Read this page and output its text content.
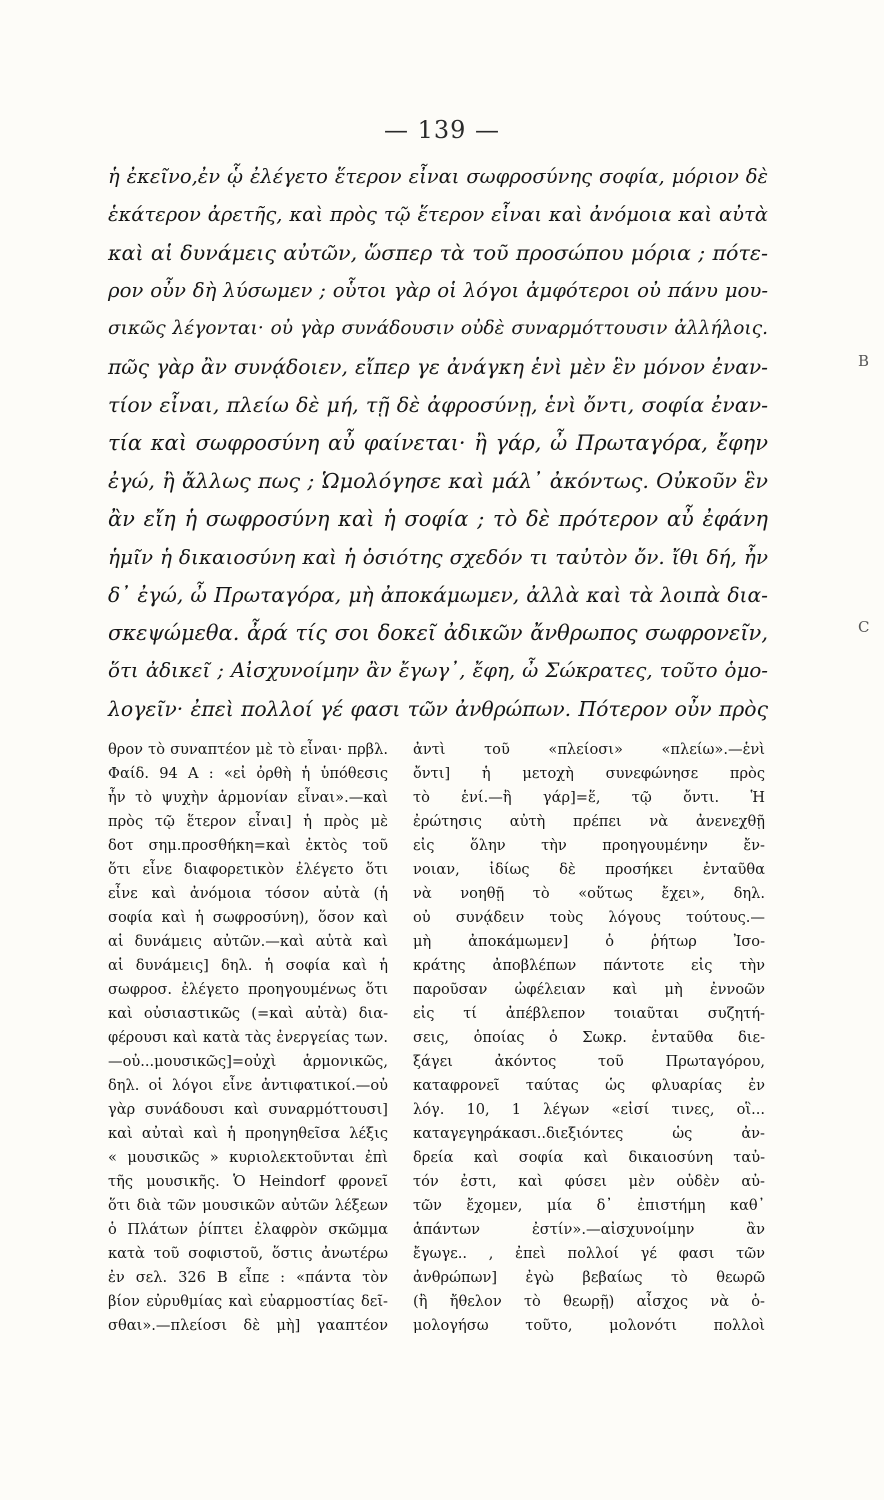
— 139 —
ἡ ἐκεῖνο,ἐν ᾧ ἐλέγετο ἕτερον εἶναι σωφροσύνης σοφία, μόριον δὲ
ἑκάτερον ἀρετῆς, καὶ πρὸς τῷ ἕτερον εἶναι καὶ ἀνόμοια καὶ αὐτὰ
καὶ αἱ δυνάμεις αὐτῶν, ὥσπερ τὰ τοῦ προσώπου μόρια ; πότε-
ρον οὖν δὴ λύσωμεν ; οὗτοι γὰρ οἱ λόγοι ἀμφότεροι οὐ πάνυ μου-
σικῶς λέγονται· οὐ γὰρ συνάδουσιν οὐδὲ συναρμόττουσιν ἀλλήλοις.
πῶς γὰρ ἂν συνᾴδοιεν, εἴπερ γε ἀνάγκη ἑνὶ μὲν ἓν μόνον ἐναν-
τίον εἶναι, πλείω δὲ μή, τῇ δὲ ἀφροσύνῃ, ἑνὶ ὄντι, σοφία ἐναν-
τία καὶ σωφροσύνη αὖ φαίνεται· ἢ γάρ, ὦ Πρωταγόρα, ἔφην
ἐγώ, ἢ ἄλλως πως ; Ὡμολόγησε καὶ μάλ᾽ ἀκόντως. Οὐκοῦν ἓν
ἂν εἴη ἡ σωφροσύνη καὶ ἡ σοφία ; τὸ δὲ πρότερον αὖ ἐφάνη
ἡμῖν ἡ δικαιοσύνη καὶ ἡ ὁσιότης σχεδόν τι ταὐτὸν ὄν. ἴθι δή, ἦν
δ᾽ ἐγώ, ὦ Πρωταγόρα, μὴ ἀποκάμωμεν, ἀλλὰ καὶ τὰ λοιπὰ δια-
σκεψώμεθα. ἆρά τίς σοι δοκεῖ ἀδικῶν ἄνθρωπος σωφρονεῖν,
ὅτι ἀδικεῖ ; Αἰσχυνοίμην ἂν ἔγωγ᾽, ἔφη, ὦ Σώκρατες, τοῦτο ὁμο-
λογεῖν· ἐπεὶ πολλοί γέ φασι τῶν ἀνθρώπων. Πότερον οὖν πρὸς
B
C
θρον τὸ συναπτέον μὲ τὸ εἶναι· πρβλ.
Φαίδ. 94 Α : «εἰ ὀρθὴ ἡ ὑπόθεσις
ἦν τὸ ψυχὴν ἁρμονίαν εἶναι».—καὶ
πρὸς τῷ ἕτερον εἶναι] ἡ πρὸς μὲ
δοτ σημ.προσθήκη=καὶ ἐκτὸς τοῦ
ὅτι εἶνε διαφορετικὸν ἐλέγετο ὅτι
εἶνε καὶ ἀνόμοια τόσον αὐτὰ (ἡ
σοφία καὶ ἡ σωφροσύνη), ὅσον καὶ
αἱ δυνάμεις αὐτῶν.—καὶ αὐτὰ καὶ
αἱ δυνάμεις] δηλ. ἡ σοφία καὶ ἡ
σωφροσ. ἐλέγετο προηγουμένως ὅτι
καὶ οὐσιαστικῶς (=καὶ αὐτὰ) δια-
φέρουσι καὶ κατὰ τὰς ἐνεργείας των.
—οὐ...μουσικῶς]=οὐχὶ ἁρμονικῶς,
δηλ. οἱ λόγοι εἶνε ἀντιφατικοί.—οὐ
γὰρ συνάδουσι καὶ συναρμόττουσι]
καὶ αὐταὶ καὶ ἡ προηγηθεῖσα λέξις
« μουσικῶς » κυριολεκτοῦνται ἐπὶ
τῆς μουσικῆς. Ὁ Heindorf φρονεῖ
ὅτι διὰ τῶν μουσικῶν αὐτῶν λέξεων
ὁ Πλάτων ῥίπτει ἐλαφρὸν σκῶμμα
κατὰ τοῦ σοφιστοῦ, ὅστις ἀνωτέρω
ἐν σελ. 326 Β εἶπε : «πάντα τὸν
βίον εὐρυθμίας καὶ εὐαρμοστίας δεῖ-
σθαι».—πλείοσι δὲ μὴ] γααπτέον
ἀντὶ τοῦ «πλείοσι» «πλείω».—ἑνὶ
ὄντι] ἡ μετοχὴ συνεφώνησε πρὸς
τὸ ἑνί.—ἢ γάρ]=ἕ, τῷ ὄντι. Ἡ
ἐρώτησις αὐτὴ πρέπει νὰ ἀνενεχθῇ
εἰς ὅλην τὴν προηγουμένην ἔν-
νοιαν, ἰδίως δὲ προσήκει ἐνταῦθα
νὰ νοηθῇ τὸ «οὕτως ἔχει», δηλ.
οὐ συνᾴδειν τοὺς λόγους τούτους.—
μὴ ἀποκάμωμεν] ὁ ῥήτωρ Ἰσο-
κράτης ἀποβλέπων πάντοτε εἰς τὴν
παροῦσαν ὠφέλειαν καὶ μὴ ἐννοῶν
εἰς τί ἀπέβλεπον τοιαῦται συζητή-
σεις, ὁποίας ὁ Σωκρ. ἐνταῦθα διε-
ξάγει ἀκόντος τοῦ Πρωταγόρου,
καταφρονεῖ ταύτας ὡς φλυαρίας ἐν
λόγ. 10, 1 λέγων «εἰσί τινες, οἳ...
καταγεγηράκασι..διεξιόντες ὡς ἀν-
δρεία καὶ σοφία καὶ δικαιοσύνη ταὐ-
τόν ἐστι, καὶ φύσει μὲν οὐδὲν αὐ-
τῶν ἔχομεν, μία δ᾽ ἐπιστήμη καθ᾽
ἁπάντων ἐστίν».—αἰσχυνοίμην ἂν
ἔγωγε.. , ἐπεὶ πολλοί γέ φασι τῶν
ἀνθρώπων] ἐγὼ βεβαίως τὸ θεωρῶ
(ἢ ἤθελον τὸ θεωρῇ) αἶσχος νὰ ὁ-
μολογήσω τοῦτο, μολονότι πολλοὶ
